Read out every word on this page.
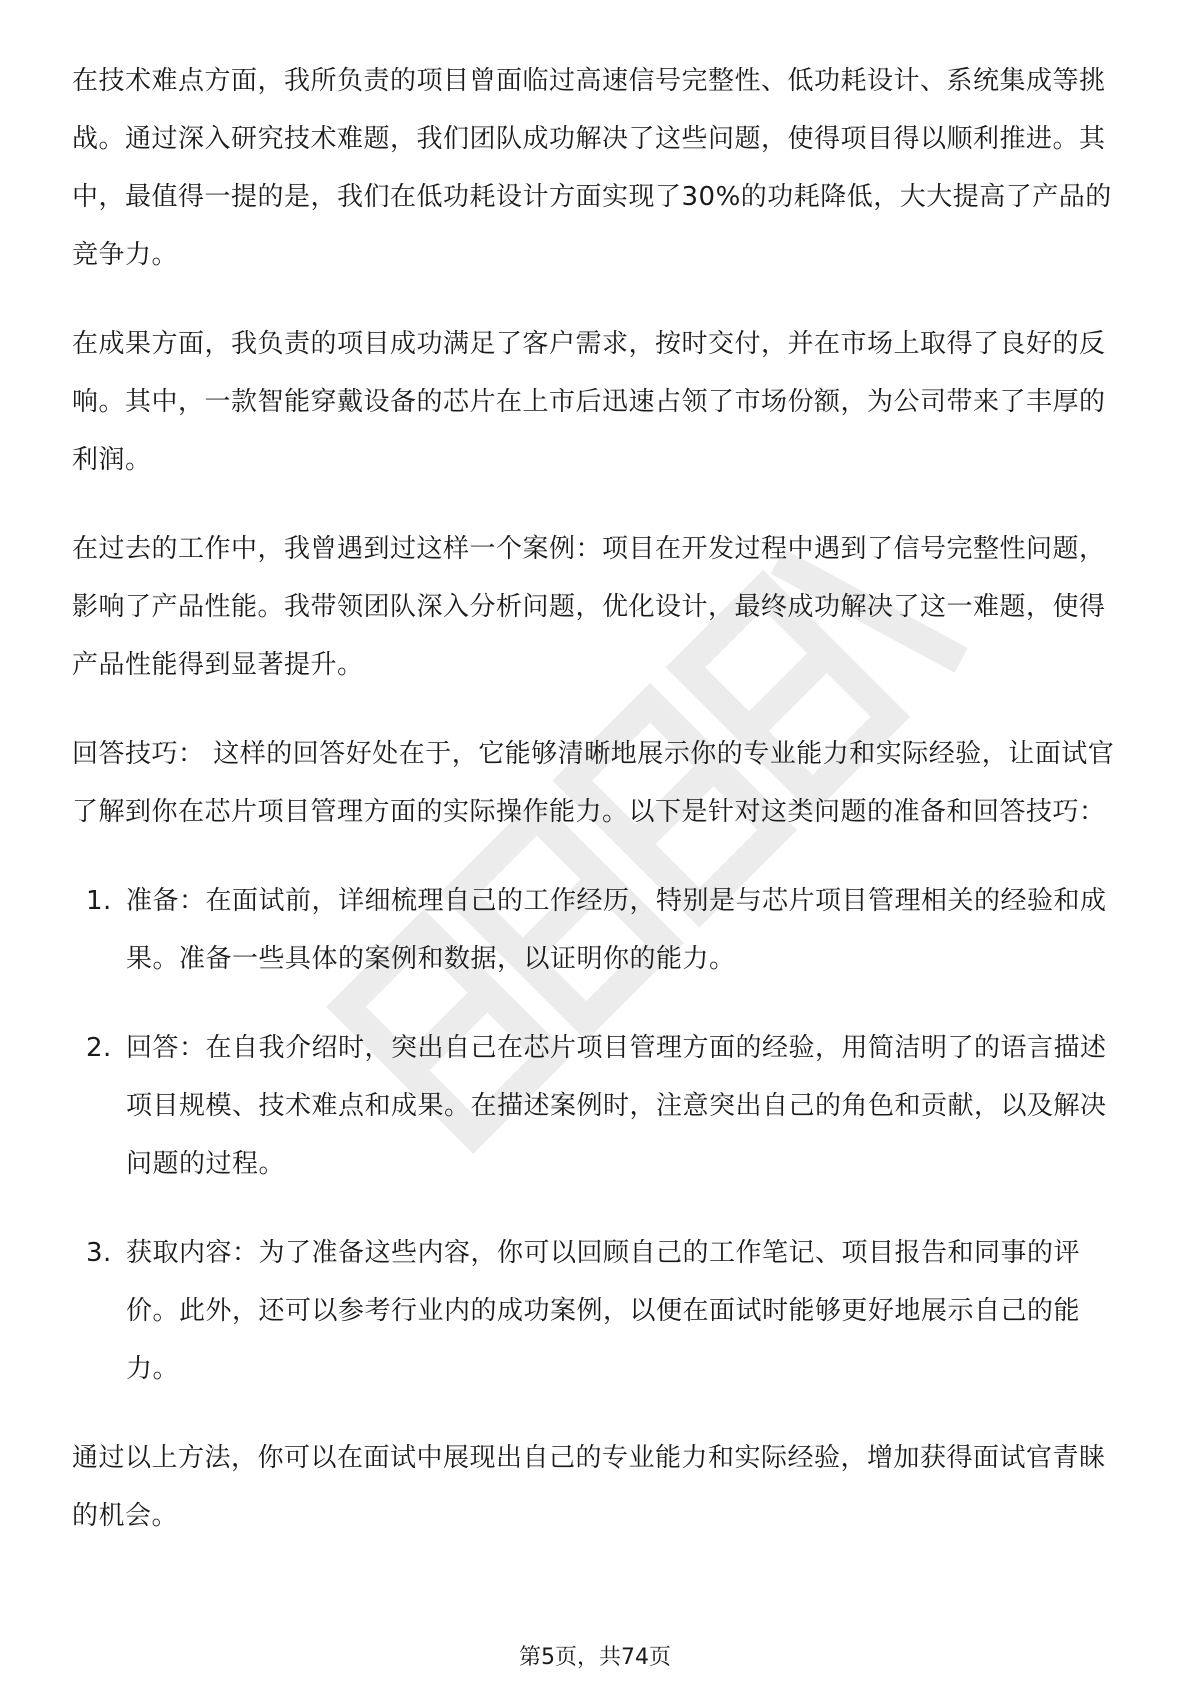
在技术难点方面，我所负责的项目曾面临过高速信号完整性、低功耗设计、系统集成等挑战。通过深入研究技术难题，我们团队成功解决了这些问题，使得项目得以顺利推进。其中，最值得一提的是，我们在低功耗设计方面实现了30%的功耗降低，大大提高了产品的竞争力。

在成果方面，我负责的项目成功满足了客户需求，按时交付，并在市场上取得了良好的反响。其中，一款智能穿戴设备的芯片在上市后迅速占领了市场份额，为公司带来了丰厚的利润。

在过去的工作中，我曾遇到过这样一个案例：项目在开发过程中遇到了信号完整性问题，影响了产品性能。我带领团队深入分析问题，优化设计，最终成功解决了这一难题，使得产品性能得到显著提升。

回答技巧： 这样的回答好处在于，它能够清晰地展示你的专业能力和实际经验，让面试官了解到你在芯片项目管理方面的实际操作能力。以下是针对这类问题的准备和回答技巧：

1. 准备：在面试前，详细梳理自己的工作经历，特别是与芯片项目管理相关的经验和成果。准备一些具体的案例和数据，以证明你的能力。
2. 回答：在自我介绍时，突出自己在芯片项目管理方面的经验，用简洁明了的语言描述项目规模、技术难点和成果。在描述案例时，注意突出自己的角色和贡献，以及解决问题的过程。
3. 获取内容：为了准备这些内容，你可以回顾自己的工作笔记、项目报告和同事的评价。此外，还可以参考行业内的成功案例，以便在面试时能够更好地展示自己的能力。

通过以上方法，你可以在面试中展现出自己的专业能力和实际经验，增加获得面试官青睐的机会。

第5页，共74页
